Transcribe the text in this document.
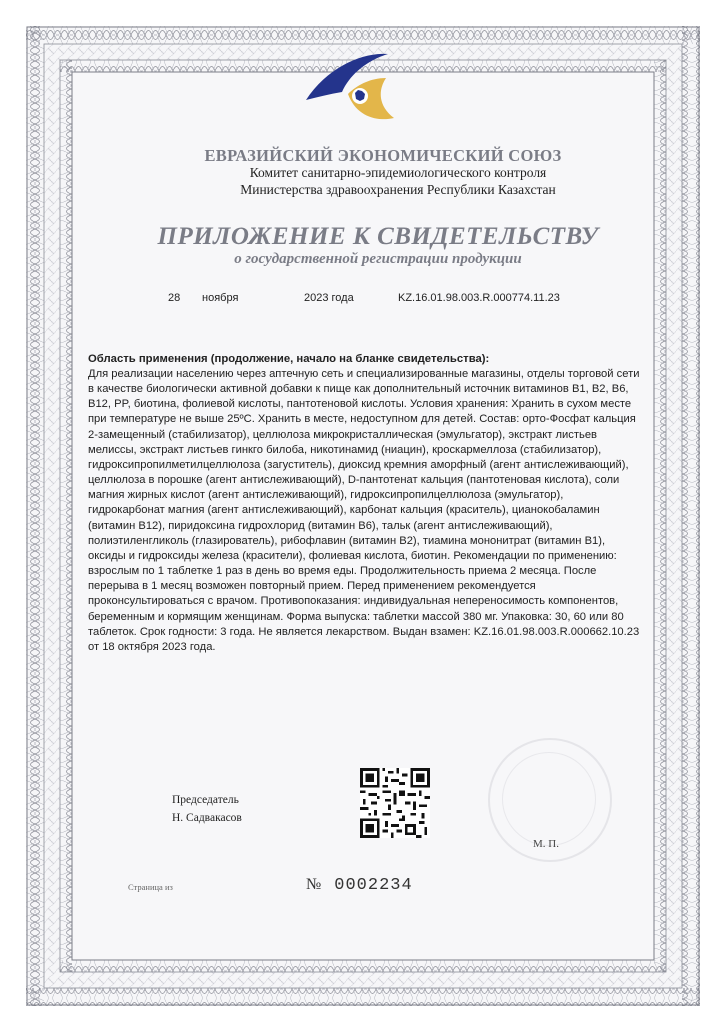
ЕВРАЗИЙСКИЙ ЭКОНОМИЧЕСКИЙ СОЮЗ
Комитет санитарно-эпидемиологического контроля
Министерства здравоохранения Республики Казахстан
ПРИЛОЖЕНИЕ К СВИДЕТЕЛЬСТВУ
о государственной регистрации продукции
28 ноября	2023 года	KZ.16.01.98.003.R.000774.11.23
Область применения (продолжение, начало на бланке свидетельства):

Для реализации населению через аптечную сеть и специализированные магазины, отделы торговой сети в качестве биологически активной добавки к пище как дополнительный источник витаминов B1, B2, B6, B12, PP, биотина, фолиевой кислоты, пантотеновой кислоты. Условия хранения: Хранить в сухом месте при температуре не выше 25ºС. Хранить в месте, недоступном для детей. Состав: орто-Фосфат кальция 2-замещенный (стабилизатор), целлюлоза микрокристаллическая (эмульгатор), экстракт листьев мелиссы, экстракт листьев гинкго билоба, никотинамид (ниацин), кроскармеллоза (стабилизатор), гидроксипропилметилцеллюлоза (загуститель), диоксид кремния аморфный (агент антислеживающий), целлюлоза в порошке (агент антислеживающий), D-пантотенат кальция (пантотеновая кислота), соли магния жирных кислот (агент антислеживающий), гидроксипропилцеллюлоза (эмульгатор), гидрокарбонат магния (агент антислеживающий), карбонат кальция (краситель), цианокобаламин (витамин B12), пиридоксина гидрохлорид (витамин B6), тальк (агент антислеживающий), полиэтиленгликоль (глазирователь), рибофлавин (витамин B2), тиамина мононитрат (витамин B1), оксиды и гидроксиды железа (красители), фолиевая кислота, биотин. Рекомендации по применению: взрослым по 1 таблетке 1 раз в день во время еды. Продолжительность приема 2 месяца. После перерыва в 1 месяц возможен повторный прием. Перед применением рекомендуется проконсультироваться с врачом. Противопоказания: индивидуальная непереносимость компонентов, беременным и кормящим женщинам. Форма выпуска: таблетки массой 380 мг. Упаковка: 30, 60 или 80 таблеток. Срок годности: 3 года. Не является лекарством. Выдан взамен: KZ.16.01.98.003.R.000662.10.23 от 18 октября 2023 года.

Председатель
Н. Садвакасов
М. П.
Страница из	№ 0002234
